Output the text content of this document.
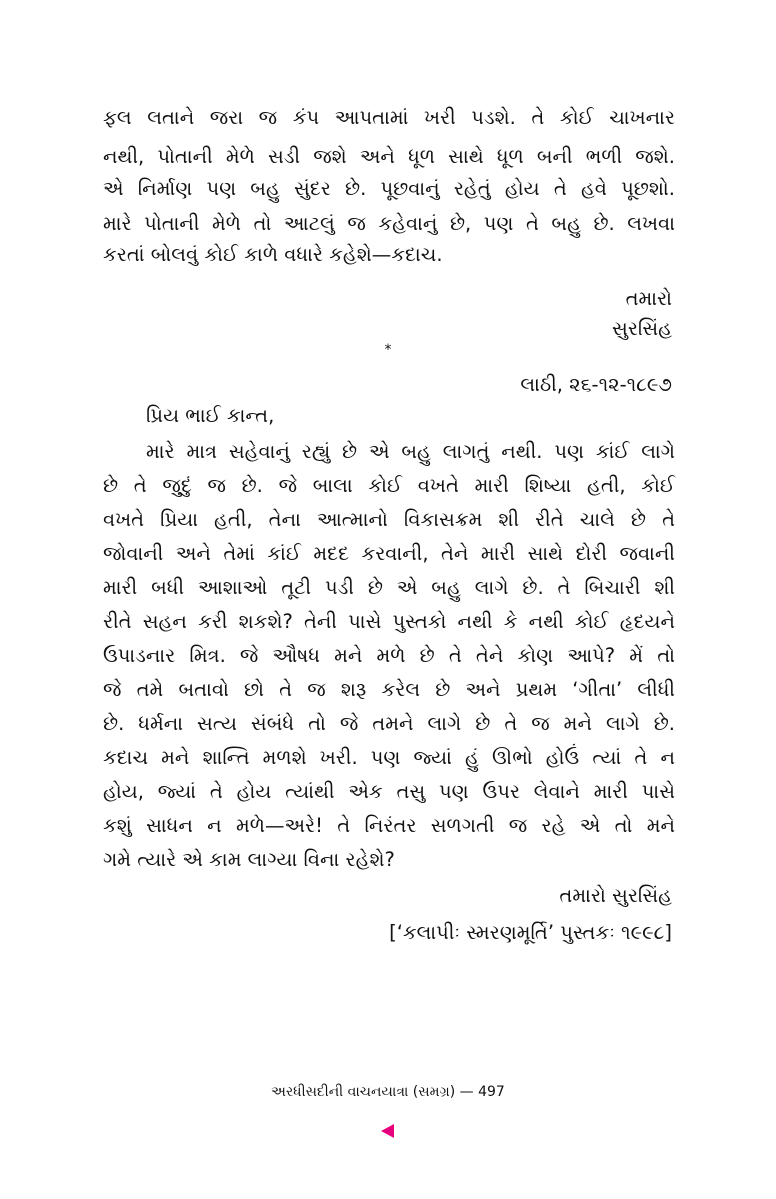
ફલ લતાને જરા જ કંપ આપતામાં ખરી પડશે. તે કોઈ ચાખનાર
નથી, પોતાની મેળે સડી જશે અને ધૂળ સાથે ધૂળ બની ભળી જશે.
એ નિર્માણ પણ બહુ સુંદર છે. પૂછવાનું રહેતું હોય તે હવે પૂછશો.
મારે પોતાની મેળે તો આટલું જ કહેવાનું છે, પણ તે બહુ છે. લખવા
કરતાં બોલવું કોઈ કાળે વધારે કહેશે—કદાચ.
તમારો
સુરસિંહ
*
લાઠી, ૨૬-૧૨-૧૮૯૭
પ્રિય ભાઈ કાન્ત,
મારે માત્ર સહેવાનું રહ્યું છે એ બહુ લાગતું નથી. પણ કાંઈ લાગે
છે તે જુદું જ છે. જે બાલા કોઈ વખતે મારી શિષ્યા હતી, કોઈ
વખતે પ્રિયા હતી, તેના આત્માનો વિકાસક્રમ શી રીતે ચાલે છે તે
જોવાની અને તેમાં કાંઈ મદદ કરવાની, તેને મારી સાથે દોરી જવાની
મારી બધી આશાઓ તૂટી પડી છે એ બહુ લાગે છે. તે બિચારી શી
રીતે સહન કરી શકશે? તેની પાસે પુસ્તકો નથી કે નથી કોઈ હૃદયને
ઉપાડનાર મિત્ર. જે ઔષધ મને મળે છે તે તેને કોણ આપે? મેં તો
જે તમે બતાવો છો તે જ શરૂ કરેલ છે અને પ્રથમ ‘ગીતા’ લીધી
છે. ધર્મના સત્ય સંબંધે તો જે તમને લાગે છે તે જ મને લાગે છે.
કદાચ મને શાન્તિ મળશે ખરી. પણ જ્યાં હું ઊભો હોઉં ત્યાં તે ન
હોય, જ્યાં તે હોય ત્યાંથી એક તસુ પણ ઉપર લેવાને મારી પાસે
કશું સાધન ન મળે—અરે! તે નિરંતર સળગતી જ રહે એ તો મને
ગમે ત્યારે એ કામ લાગ્યા વિના રહેશે?
તમારો સુરસિંહ
[‘કલાપીઃ સ્મરણમૂર્તિ’ પુસ્તકઃ ૧૯૯૮]
અરધીસદીની વાચનયાત્રા (સમગ્ર) — 497
